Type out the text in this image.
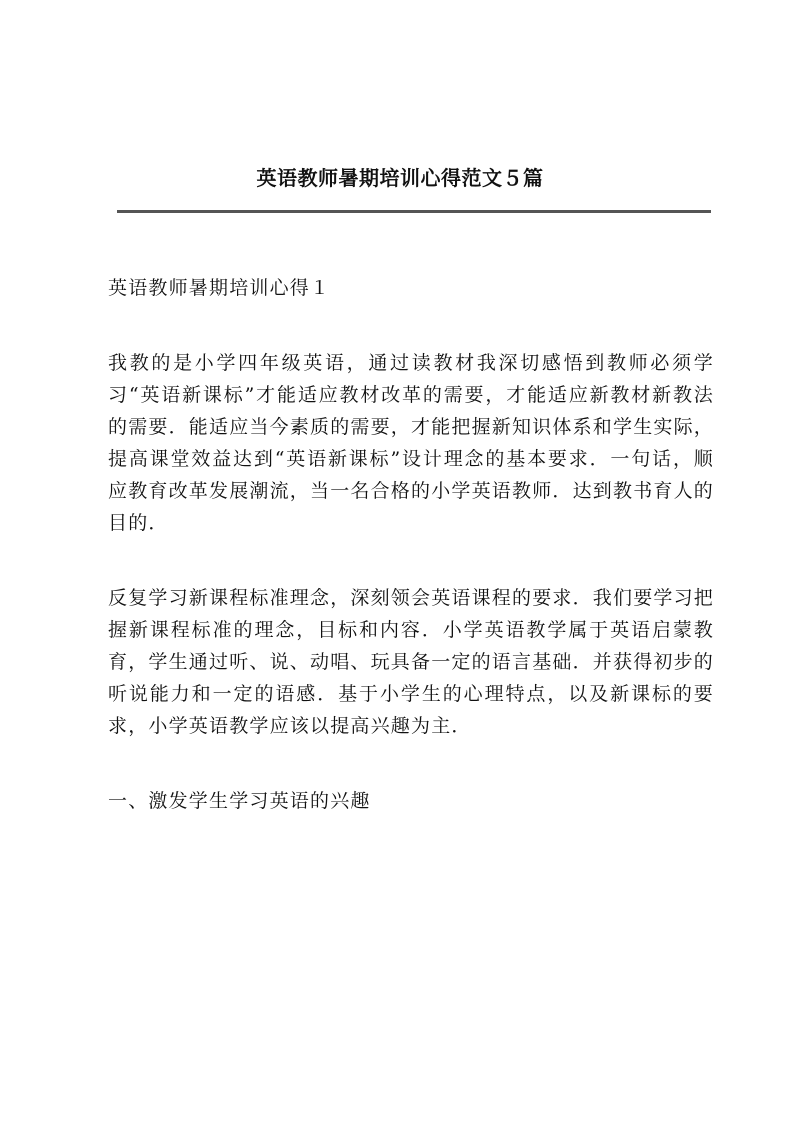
英语教师暑期培训心得范文５篇

英语教师暑期培训心得１

我教的是小学四年级英语，通过读教材我深切感悟到教师必须学习“英语新课标”才能适应教材改革的需要，才能适应新教材新教法的需要．能适应当今素质的需要，才能把握新知识体系和学生实际，提高课堂效益达到“英语新课标”设计理念的基本要求．一句话，顺应教育改革发展潮流，当一名合格的小学英语教师．达到教书育人的目的．

反复学习新课程标准理念，深刻领会英语课程的要求．我们要学习把握新课程标准的理念，目标和内容．小学英语教学属于英语启蒙教育，学生通过听、说、动唱、玩具备一定的语言基础．并获得初步的听说能力和一定的语感．基于小学生的心理特点，以及新课标的要求，小学英语教学应该以提高兴趣为主．

一、激发学生学习英语的兴趣
